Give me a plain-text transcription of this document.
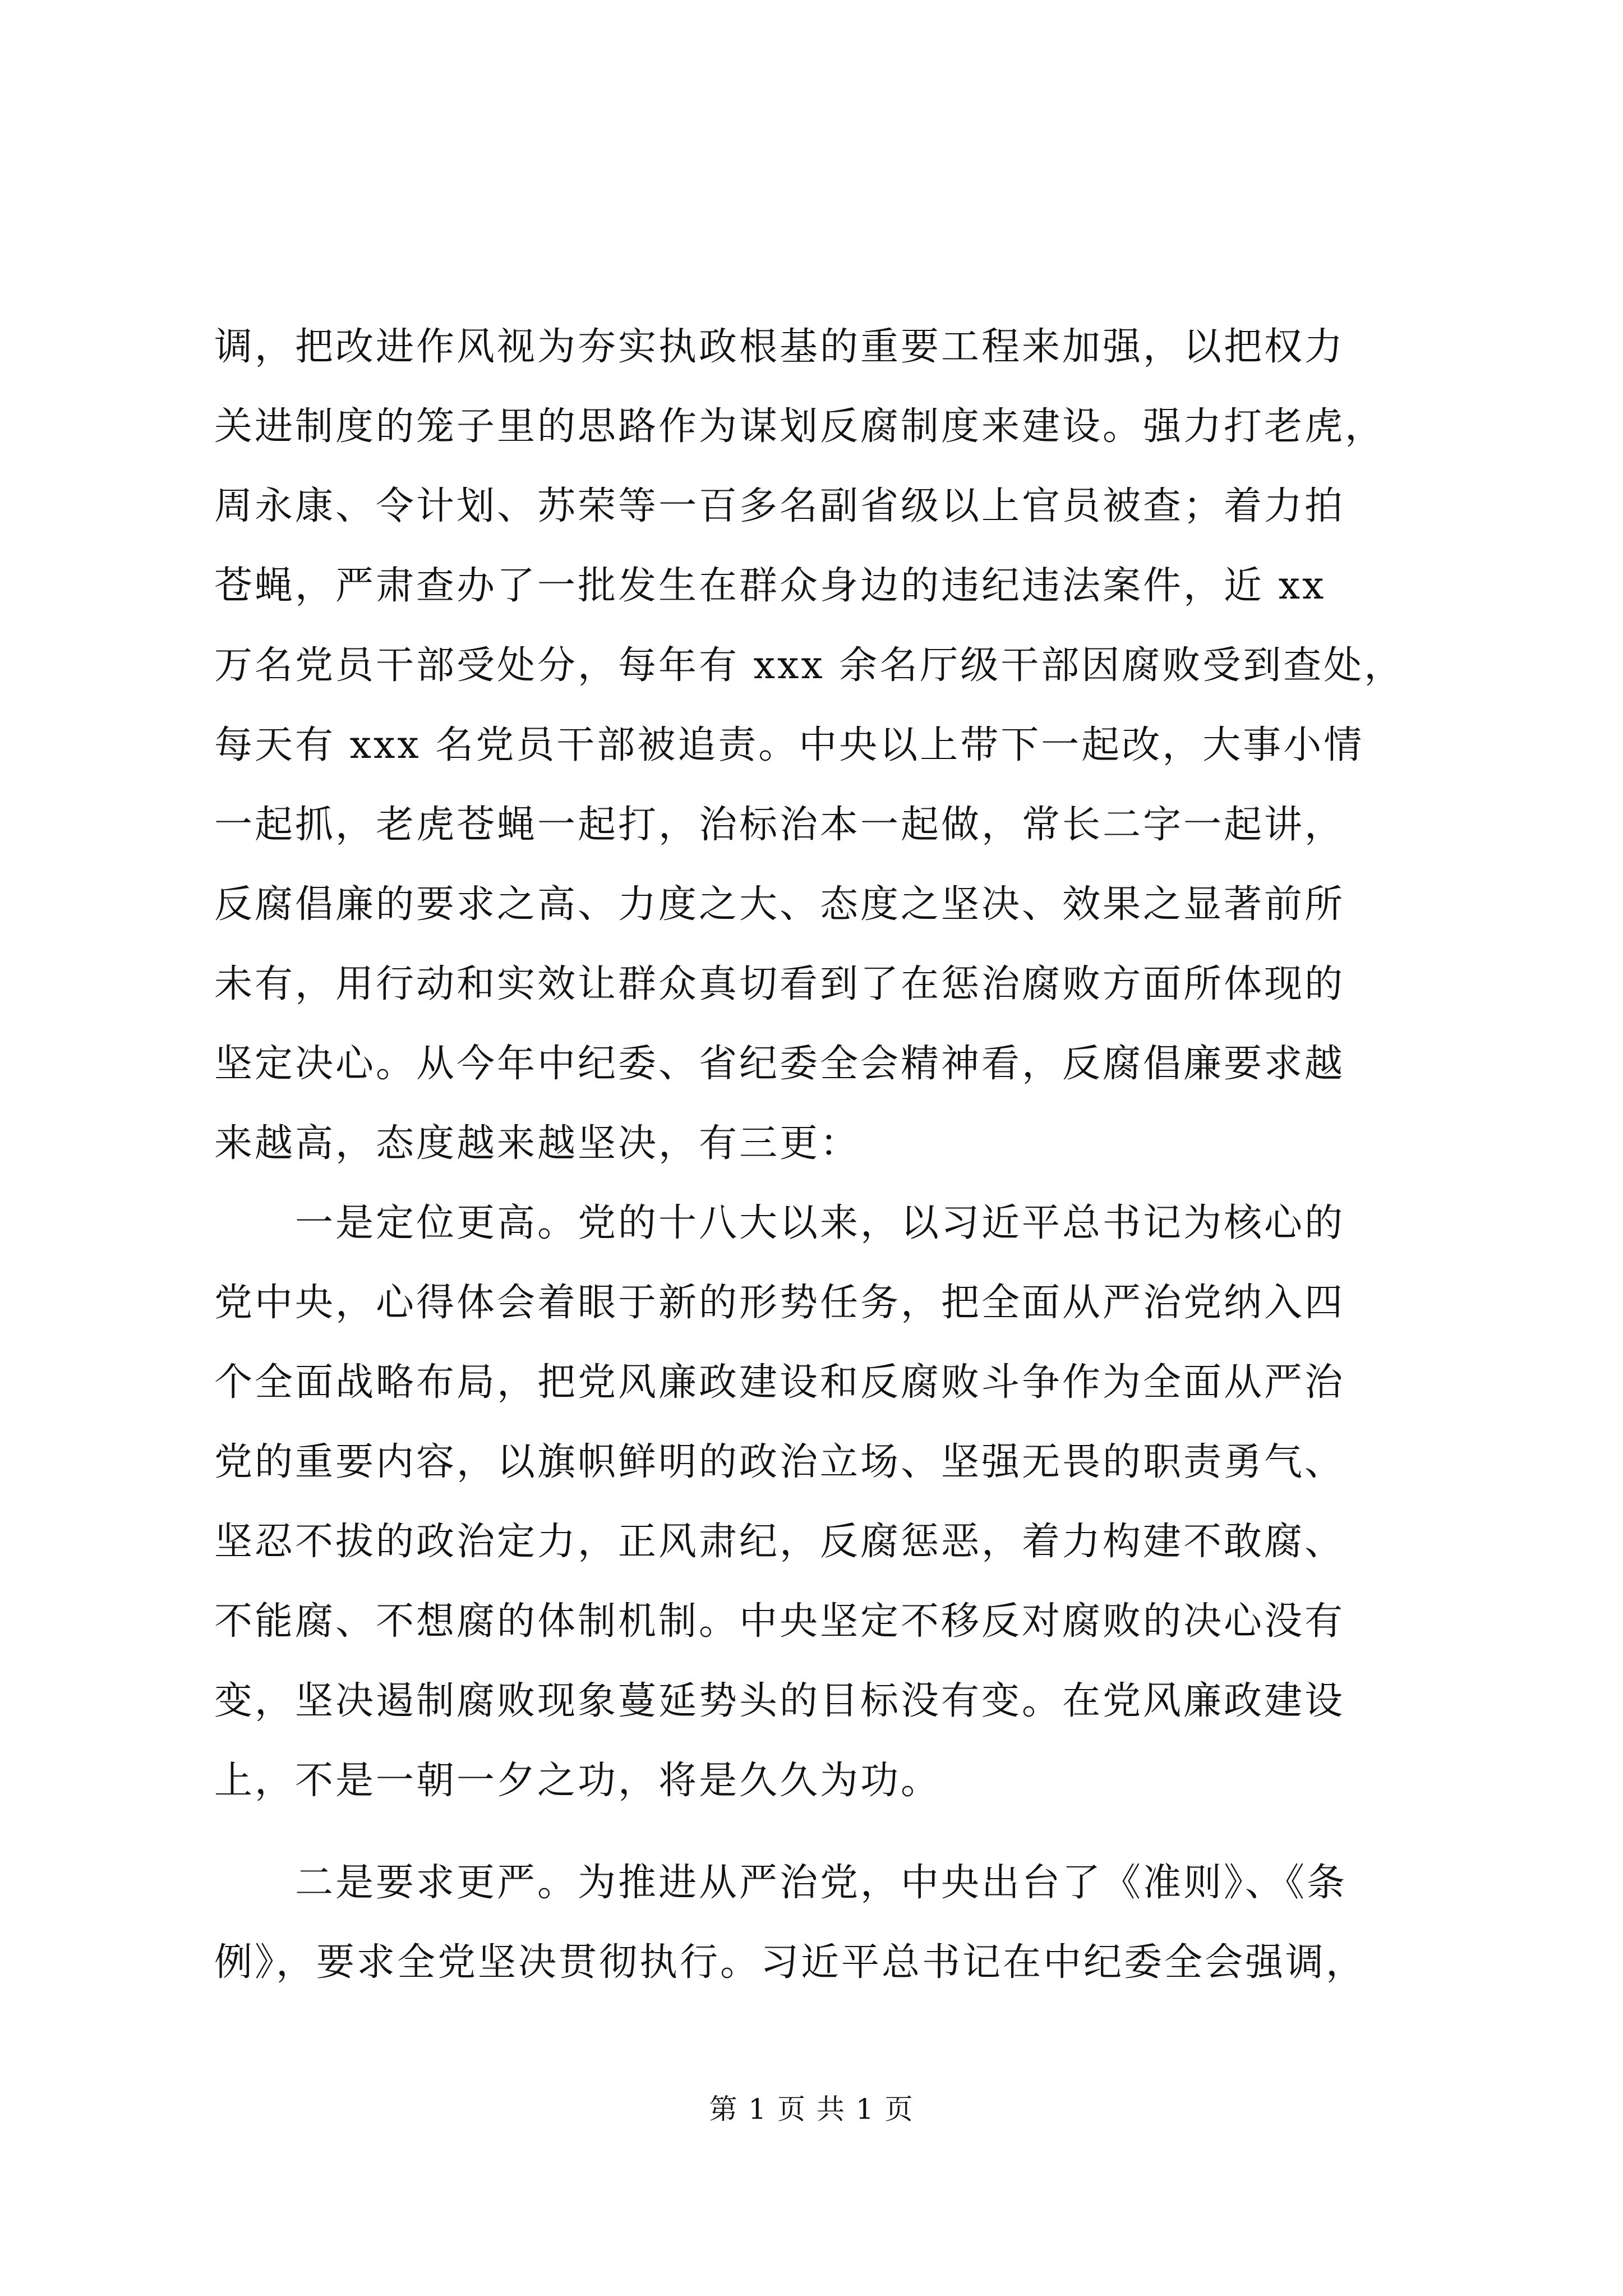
调，把改进作风视为夯实执政根基的重要工程来加强，以把权力
关进制度的笼子里的思路作为谋划反腐制度来建设。强力打老虎，
周永康、令计划、苏荣等一百多名副省级以上官员被查；着力拍
苍蝇，严肃查办了一批发生在群众身边的违纪违法案件，近 xx
万名党员干部受处分，每年有 xxx 余名厅级干部因腐败受到查处，
每天有 xxx 名党员干部被追责。中央以上带下一起改，大事小情
一起抓，老虎苍蝇一起打，治标治本一起做，常长二字一起讲，
反腐倡廉的要求之高、力度之大、态度之坚决、效果之显著前所
未有，用行动和实效让群众真切看到了在惩治腐败方面所体现的
坚定决心。从今年中纪委、省纪委全会精神看，反腐倡廉要求越
来越高，态度越来越坚决，有三更：
　　一是定位更高。党的十八大以来，以习近平总书记为核心的
党中央，心得体会着眼于新的形势任务，把全面从严治党纳入四
个全面战略布局，把党风廉政建设和反腐败斗争作为全面从严治
党的重要内容，以旗帜鲜明的政治立场、坚强无畏的职责勇气、
坚忍不拔的政治定力，正风肃纪，反腐惩恶，着力构建不敢腐、
不能腐、不想腐的体制机制。中央坚定不移反对腐败的决心没有
变，坚决遏制腐败现象蔓延势头的目标没有变。在党风廉政建设
上，不是一朝一夕之功，将是久久为功。
　　二是要求更严。为推进从严治党，中央出台了《准则》、《条
例》，要求全党坚决贯彻执行。习近平总书记在中纪委全会强调，
第 1 页 共 1 页
